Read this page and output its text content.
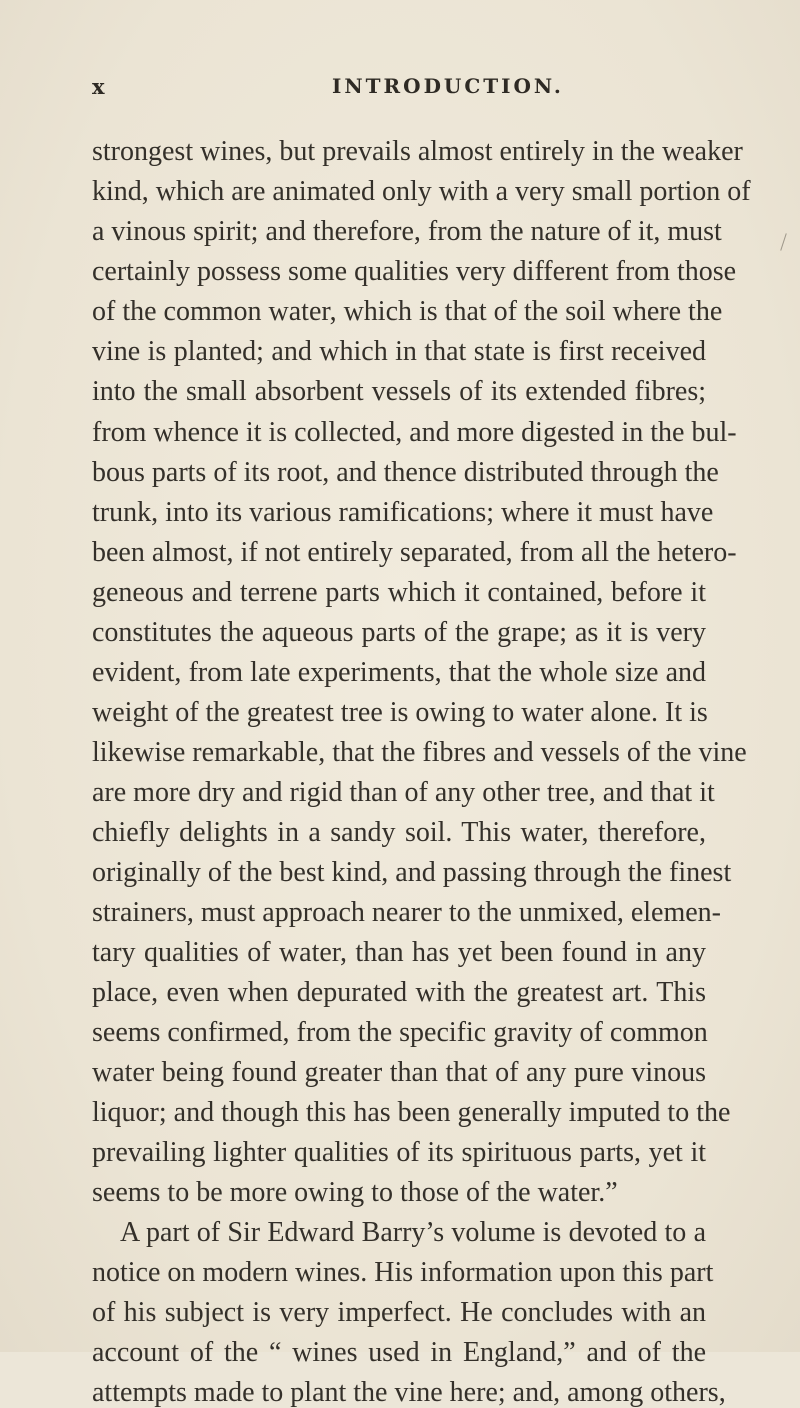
x	INTRODUCTION.
strongest wines, but prevails almost entirely in the weaker
kind, which are animated only with a very small portion of
a vinous spirit; and therefore, from the nature of it, must
certainly possess some qualities very different from those
of the common water, which is that of the soil where the
vine is planted; and which in that state is first received
into the small absorbent vessels of its extended fibres;
from whence it is collected, and more digested in the bul-
bous parts of its root, and thence distributed through the
trunk, into its various ramifications; where it must have
been almost, if not entirely separated, from all the hetero-
geneous and terrene parts which it contained, before it
constitutes the aqueous parts of the grape; as it is very
evident, from late experiments, that the whole size and
weight of the greatest tree is owing to water alone. It is
likewise remarkable, that the fibres and vessels of the vine
are more dry and rigid than of any other tree, and that it
chiefly delights in a sandy soil. This water, therefore,
originally of the best kind, and passing through the finest
strainers, must approach nearer to the unmixed, elemen-
tary qualities of water, than has yet been found in any
place, even when depurated with the greatest art. This
seems confirmed, from the specific gravity of common
water being found greater than that of any pure vinous
liquor; and though this has been generally imputed to the
prevailing lighter qualities of its spirituous parts, yet it
seems to be more owing to those of the water.”
A part of Sir Edward Barry’s volume is devoted to a
notice on modern wines. His information upon this part
of his subject is very imperfect. He concludes with an
account of the “ wines used in England,” and of the
attempts made to plant the vine here; and, among others,
